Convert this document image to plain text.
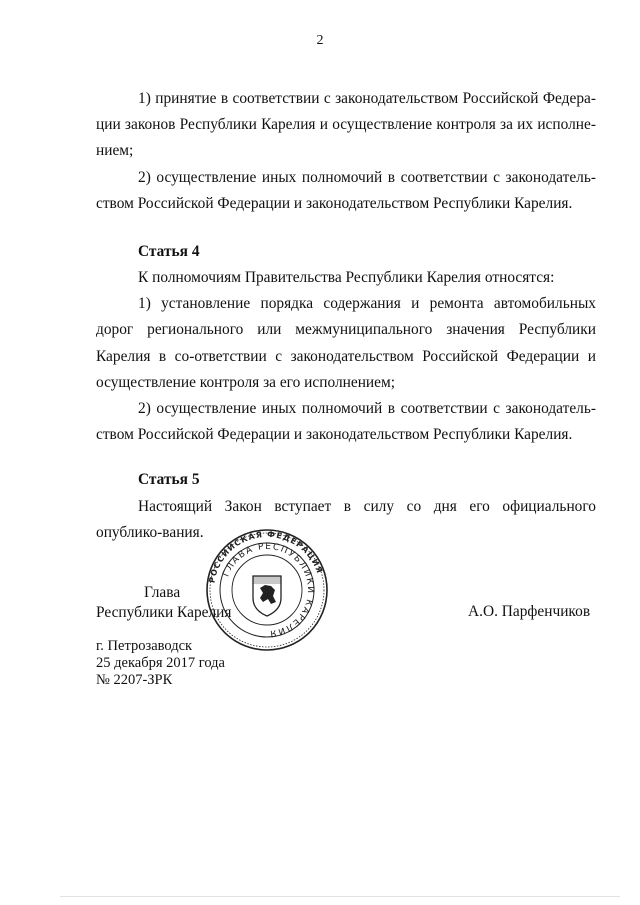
2

1) принятие в соответствии с законодательством Российской Федера-ции законов Республики Карелия и осуществление контроля за их исполне-нием;

2) осуществление иных полномочий в соответствии с законодатель-ством Российской Федерации и законодательством Республики Карелия.

Статья 4

К полномочиям Правительства Республики Карелия относятся:

1) установление порядка содержания и ремонта автомобильных дорог регионального или межмуниципального значения Республики Карелия в со-ответствии с законодательством Российской Федерации и осуществление контроля за его исполнением;

2) осуществление иных полномочий в соответствии с законодатель-ством Российской Федерации и законодательством Республики Карелия.

Статья 5

Настоящий Закон вступает в силу со дня его официального опублико-вания.

РОССИЙСКАЯ ФЕДЕРАЦИЯ
ГЛАВА РЕСПУБЛИКИ КАРЕЛИЯ
Глава
Республики Карелия	А.О. Парфенчиков
г. Петрозаводск
25 декабря 2017 года
№ 2207-ЗРК
